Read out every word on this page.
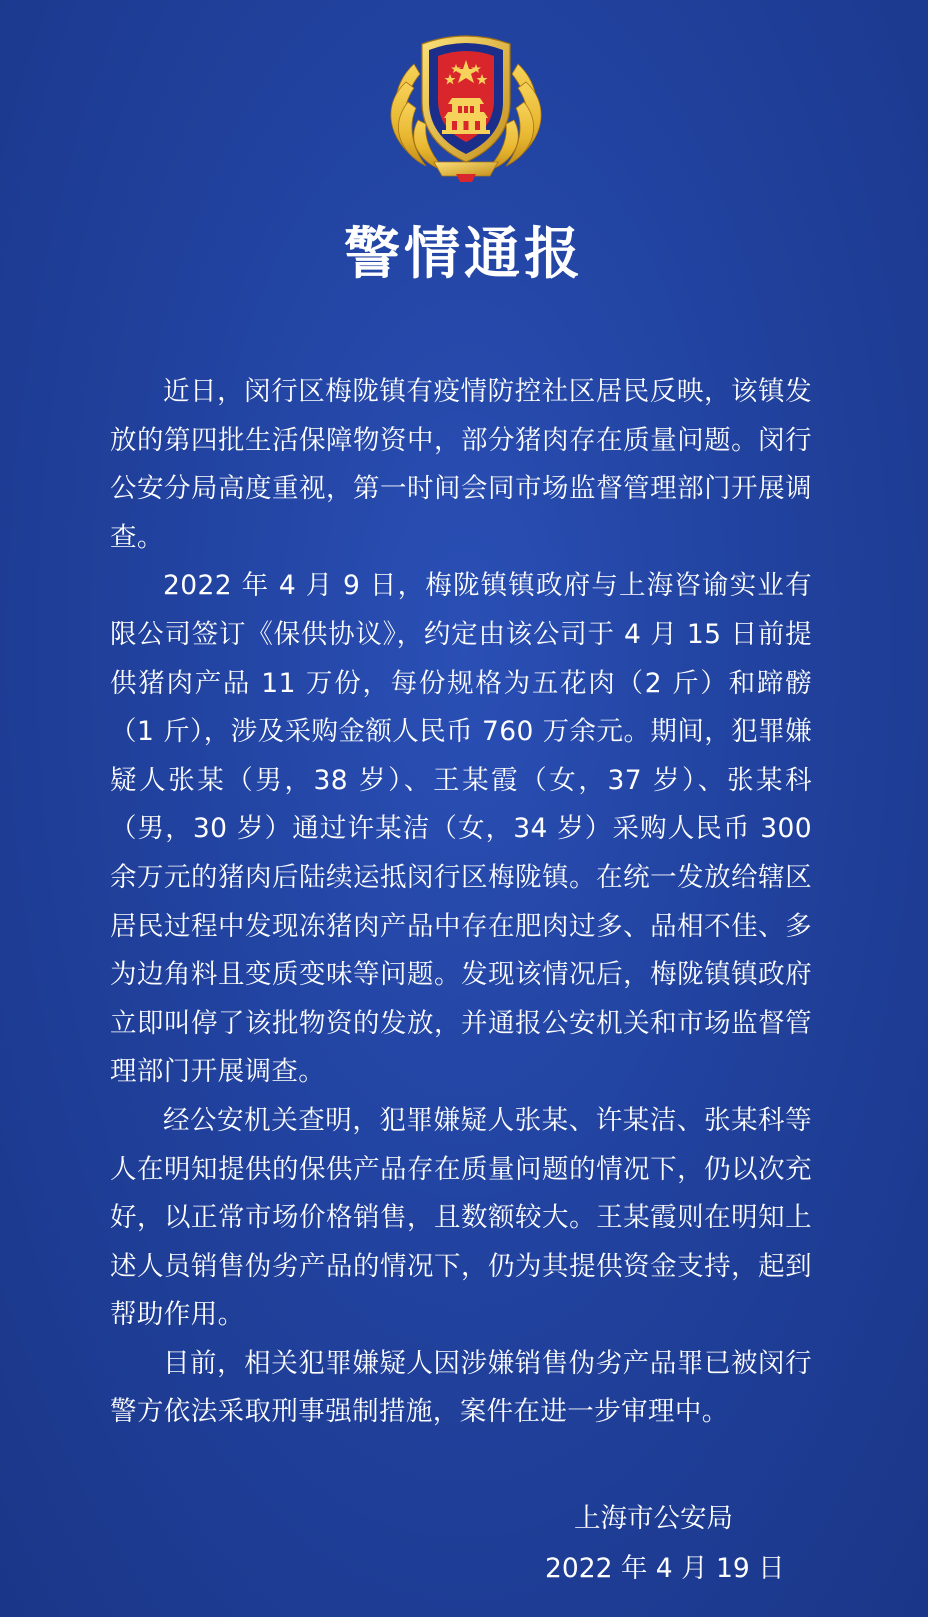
警情通报

近日，闵行区梅陇镇有疫情防控社区居民反映，该镇发放的第四批生活保障物资中，部分猪肉存在质量问题。闵行公安分局高度重视，第一时间会同市场监督管理部门开展调查。

2022 年 4 月 9 日，梅陇镇镇政府与上海咨谕实业有限公司签订《保供协议》，约定由该公司于 4 月 15 日前提供猪肉产品 11 万份，每份规格为五花肉（2 斤）和蹄髈（1 斤），涉及采购金额人民币 760 万余元。期间，犯罪嫌疑人张某（男，38 岁）、王某霞（女，37 岁）、张某科（男，30 岁）通过许某洁（女，34 岁）采购人民币 300 余万元的猪肉后陆续运抵闵行区梅陇镇。在统一发放给辖区居民过程中发现冻猪肉产品中存在肥肉过多、品相不佳、多为边角料且变质变味等问题。发现该情况后，梅陇镇镇政府立即叫停了该批物资的发放，并通报公安机关和市场监督管理部门开展调查。

经公安机关查明，犯罪嫌疑人张某、许某洁、张某科等人在明知提供的保供产品存在质量问题的情况下，仍以次充好，以正常市场价格销售，且数额较大。王某霞则在明知上述人员销售伪劣产品的情况下，仍为其提供资金支持，起到帮助作用。

目前，相关犯罪嫌疑人因涉嫌销售伪劣产品罪已被闵行警方依法采取刑事强制措施，案件在进一步审理中。

上海市公安局
2022 年 4 月 19 日
